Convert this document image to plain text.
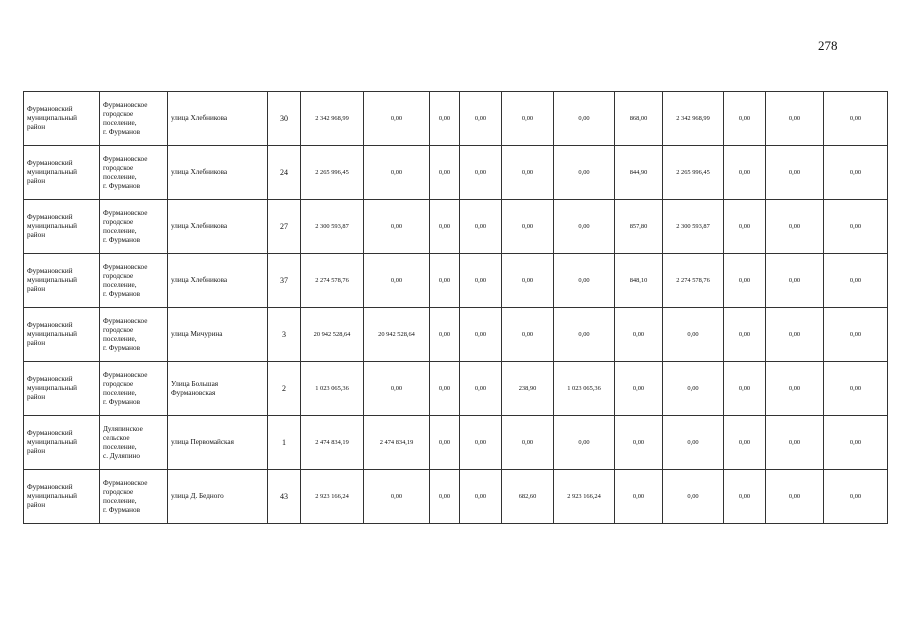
278
Фурмановский
муниципальный
район	Фурмановское
городское
поселение,
г. Фурманов	улица Хлебникова	30	2 342 968,99	0,00	0,00	0,00	0,00	0,00	868,00	2 342 968,99	0,00	0,00	0,00
Фурмановский
муниципальный
район	Фурмановское
городское
поселение,
г. Фурманов	улица Хлебникова	24	2 265 996,45	0,00	0,00	0,00	0,00	0,00	844,90	2 265 996,45	0,00	0,00	0,00
Фурмановский
муниципальный
район	Фурмановское
городское
поселение,
г. Фурманов	улица Хлебникова	27	2 300 593,87	0,00	0,00	0,00	0,00	0,00	857,80	2 300 593,87	0,00	0,00	0,00
Фурмановский
муниципальный
район	Фурмановское
городское
поселение,
г. Фурманов	улица Хлебникова	37	2 274 578,76	0,00	0,00	0,00	0,00	0,00	848,10	2 274 578,76	0,00	0,00	0,00
Фурмановский
муниципальный
район	Фурмановское
городское
поселение,
г. Фурманов	улица Мичурина	3	20 942 528,64	20 942 528,64	0,00	0,00	0,00	0,00	0,00	0,00	0,00	0,00	0,00
Фурмановский
муниципальный
район	Фурмановское
городское
поселение,
г. Фурманов	Улица Большая
Фурмановская	2	1 023 065,36	0,00	0,00	0,00	238,90	1 023 065,36	0,00	0,00	0,00	0,00	0,00
Фурмановский
муниципальный
район	Дуляпинское
сельское
поселение,
с. Дуляпино	улица Первомайская	1	2 474 834,19	2 474 834,19	0,00	0,00	0,00	0,00	0,00	0,00	0,00	0,00	0,00
Фурмановский
муниципальный
район	Фурмановское
городское
поселение,
г. Фурманов	улица Д. Бедного	43	2 923 166,24	0,00	0,00	0,00	682,60	2 923 166,24	0,00	0,00	0,00	0,00	0,00
